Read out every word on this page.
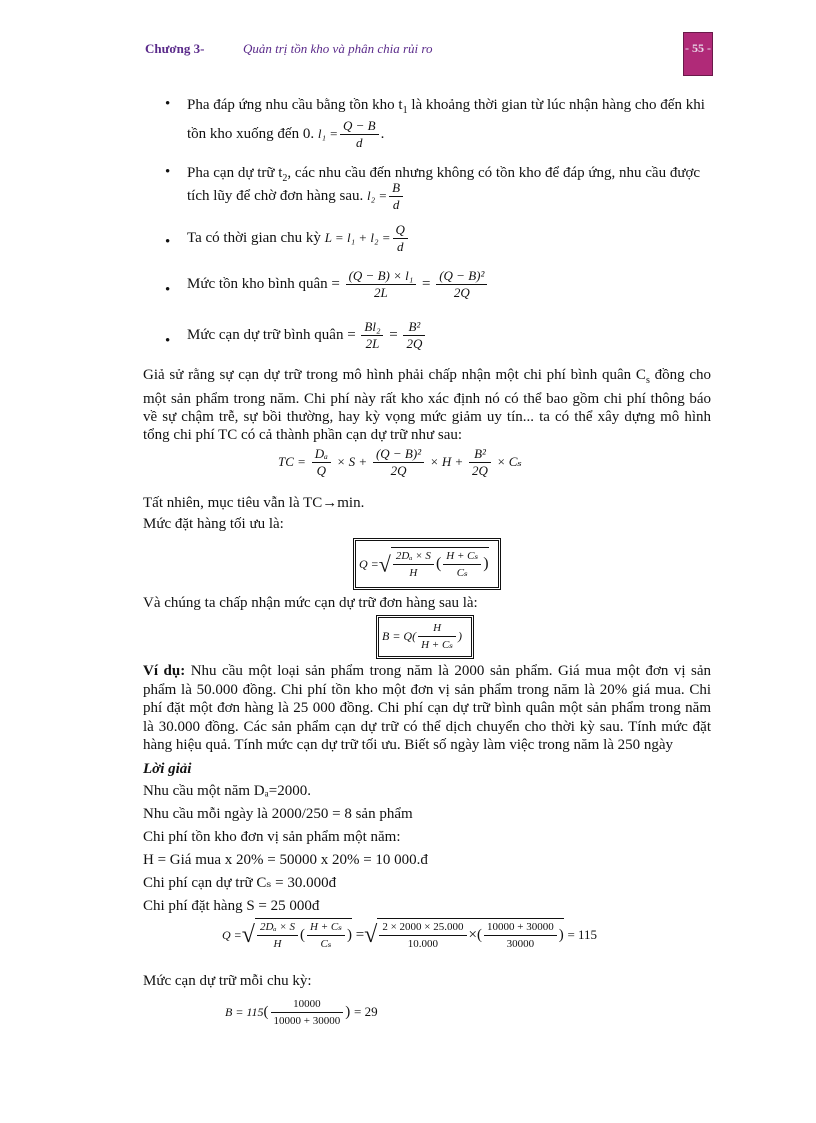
Chương 3-	Quản trị tồn kho và phân chia rủi ro	- 55 -
• Pha đáp ứng nhu cầu bằng tồn kho $t_1$ là khoảng thời gian từ lúc nhận hàng cho đến khi
tồn kho xuống đến 0. $l_1 = \frac{Q - B}{d}$ .
• Pha cạn dự trữ $t_2$, các nhu cầu đến nhưng không có tồn kho để đáp ứng, nhu cầu được
tích lũy để chờ đơn hàng sau. $l_2 = \frac{B}{d}$
• Ta có thời gian chu kỳ $L = l_1 + l_2 = \frac{Q}{d}$
• Mức tồn kho bình quân = $\frac{\text{(Q − B) × l₁}}{2L} = \frac{\text{(Q − B)²}}{2Q}$
• Mức cạn dự trữ bình quân = $\frac{\text{Bl₂}}{2L} = \frac{\text{B²}}{2Q}$
Giả sử rằng sự cạn dự trữ trong mô hình phải chấp nhận một chi phí bình quân $C_s$ đồng cho một sản phẩm trong năm. Chi phí này rất kho xác định nó có thể bao gồm chi phí thông báo về sự chậm trễ, sự bồi thường, hay kỳ vọng mức giảm uy tín... ta có thể xây dựng mô hình tổng chi phí TC có cả thành phần cạn dự trữ như sau:
TC = $\frac{\text{Dₐ}}{Q} \times S + \frac{\text{(Q − B)²}}{2Q} \times H + \frac{\text{B²}}{2Q} \times C_s$
Tất nhiên, mục tiêu vẫn là TC→min.
Mức đặt hàng tối ưu là:
Q =√ $\frac{\text{2Dₐ × S}}{H}$ ( $\frac{\text{H + Cₛ}}{\text{Cₛ}}$ )
Và chúng ta chấp nhận mức cạn dự trữ đơn hàng sau là:
$B = Q( \frac{H}{\text{H + Cₛ}}$ )
Ví dụ: Nhu cầu một loại sản phẩm trong năm là 2000 sản phẩm. Giá mua một đơn vị sản phẩm là 50.000 đồng. Chi phí tồn kho một đơn vị sản phẩm trong năm là 20% giá mua. Chi phí đặt một đơn hàng là 25 000 đồng. Chi phí cạn dự trữ bình quân một sản phẩm trong năm là 30.000 đồng. Các sản phẩm cạn dự trữ có thể dịch chuyển cho thời kỳ sau. Tính mức đặt hàng hiệu quả. Tính mức cạn dự trữ tối ưu. Biết số ngày làm việc trong năm là 250 ngày
Lời giải
Nhu cầu một năm Dₐ=2000.
Nhu cầu mỗi ngày là 2000/250 = 8 sản phẩm
Chi phí tồn kho đơn vị sản phẩm một năm:
H = Giá mua x 20% = 50000 x 20% = 10 000.đ
Chi phí cạn dự trữ Cₛ = 30.000đ
Chi phí đặt hàng S = 25 000đ
Q =√ $\frac{\text{2Dₐ × S}}{H}$ ( $\frac{\text{H + Cₛ}}{\text{Cₛ}}$ ) =√ $\frac{2 \times 2000 \times 25.000}{10.000}$ ×( $\frac{10000 + 30000}{30000}$ ) = 115
Mức cạn dự trữ mỗi chu kỳ:
$B = 115( \frac{10000}{10000 + 30000}$ ) = 29
